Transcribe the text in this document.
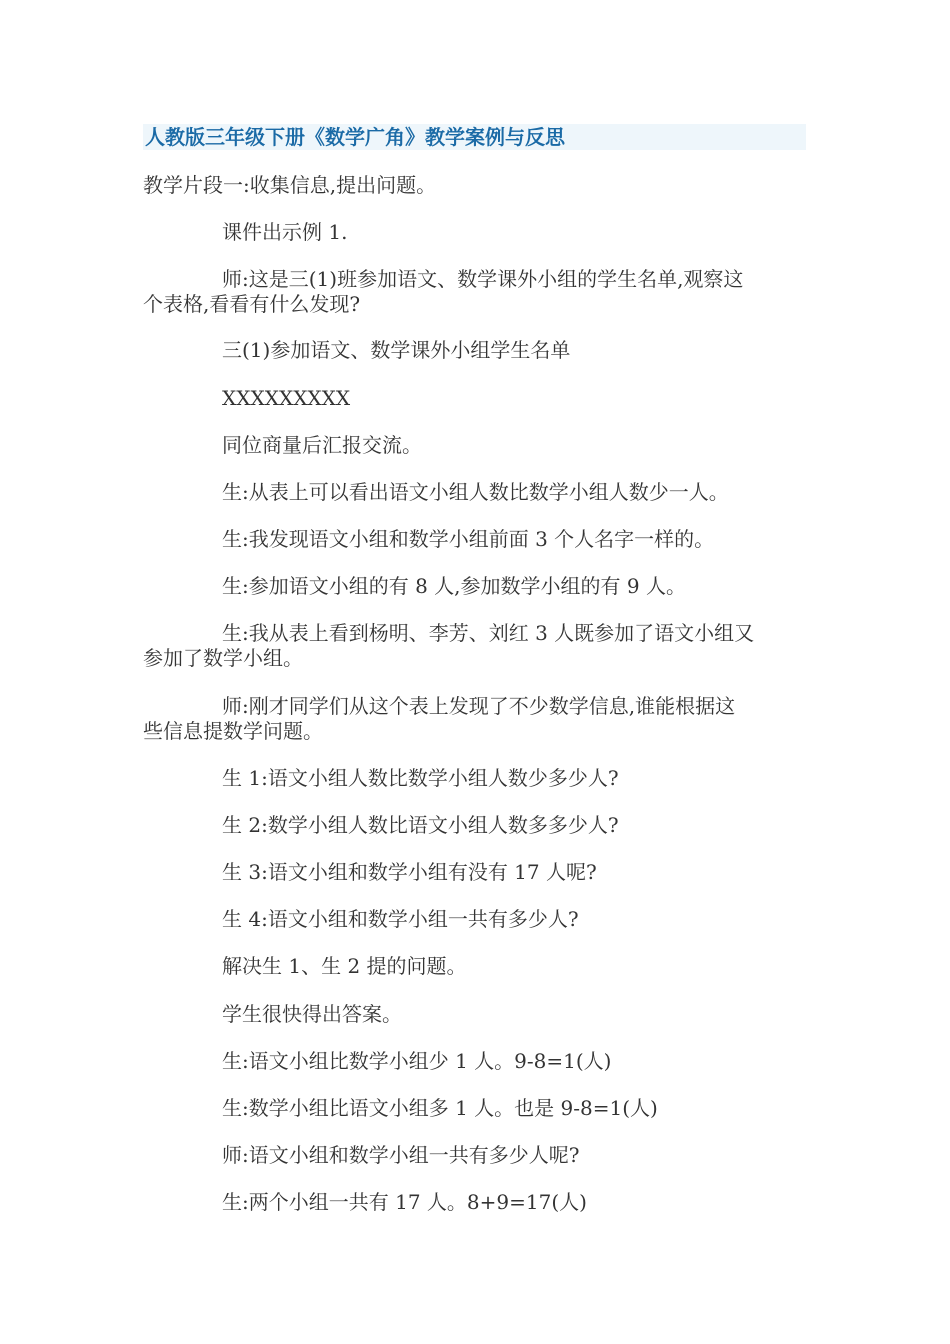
人教版三年级下册《数学广角》教学案例与反思
教学片段一:收集信息,提出问题。
课件出示例 1.
师:这是三(1)班参加语文、数学课外小组的学生名单,观察这
个表格,看看有什么发现?
三(1)参加语文、数学课外小组学生名单
XXXXXXXXX
同位商量后汇报交流。
生:从表上可以看出语文小组人数比数学小组人数少一人。
生:我发现语文小组和数学小组前面 3 个人名字一样的。
生:参加语文小组的有 8 人,参加数学小组的有 9 人。
生:我从表上看到杨明、李芳、刘红 3 人既参加了语文小组又
参加了数学小组。
师:刚才同学们从这个表上发现了不少数学信息,谁能根据这
些信息提数学问题。
生 1:语文小组人数比数学小组人数少多少人?
生 2:数学小组人数比语文小组人数多多少人?
生 3:语文小组和数学小组有没有 17 人呢?
生 4:语文小组和数学小组一共有多少人?
解决生 1、生 2 提的问题。
学生很快得出答案。
生:语文小组比数学小组少 1 人。9-8=1(人)
生:数学小组比语文小组多 1 人。也是 9-8=1(人)
师:语文小组和数学小组一共有多少人呢?
生:两个小组一共有 17 人。8+9=17(人)
